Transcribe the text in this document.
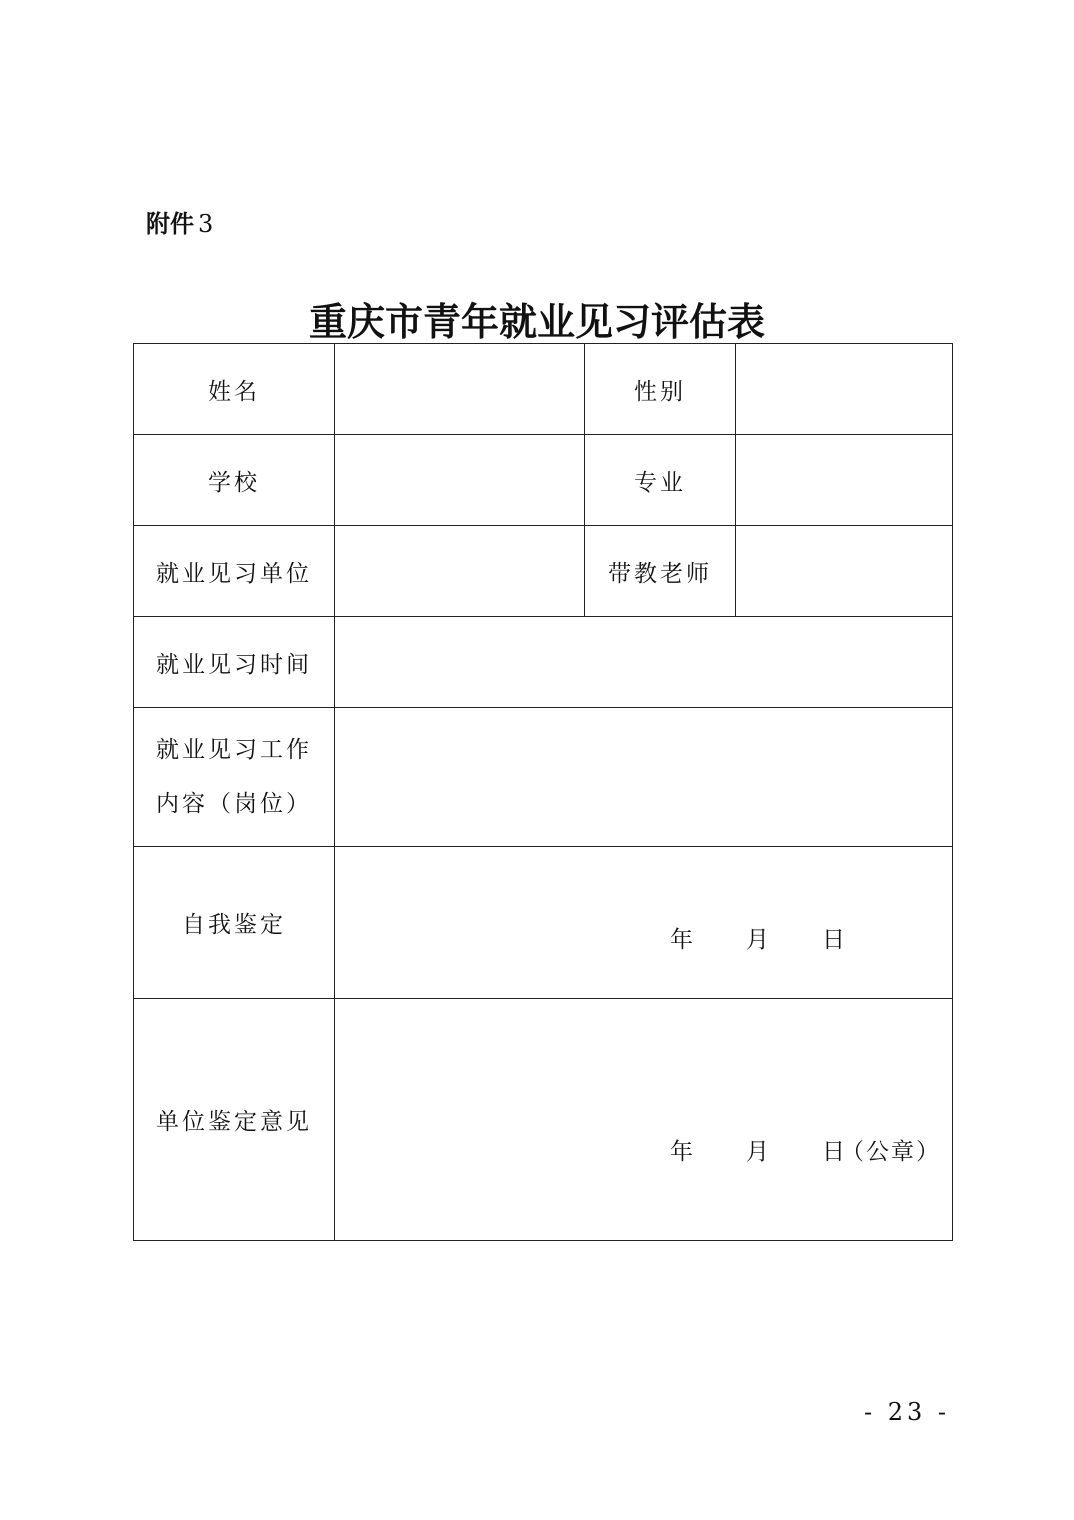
附件 3
重庆市青年就业见习评估表
姓名		性别	
学校		专业	
就业见习单位		带教老师	
就业见习时间			

就业见习工作
内容（岗位）			

自我鉴定	年 月 日		

单位鉴定意见	年 月 日
（公章）		
- 23 -
